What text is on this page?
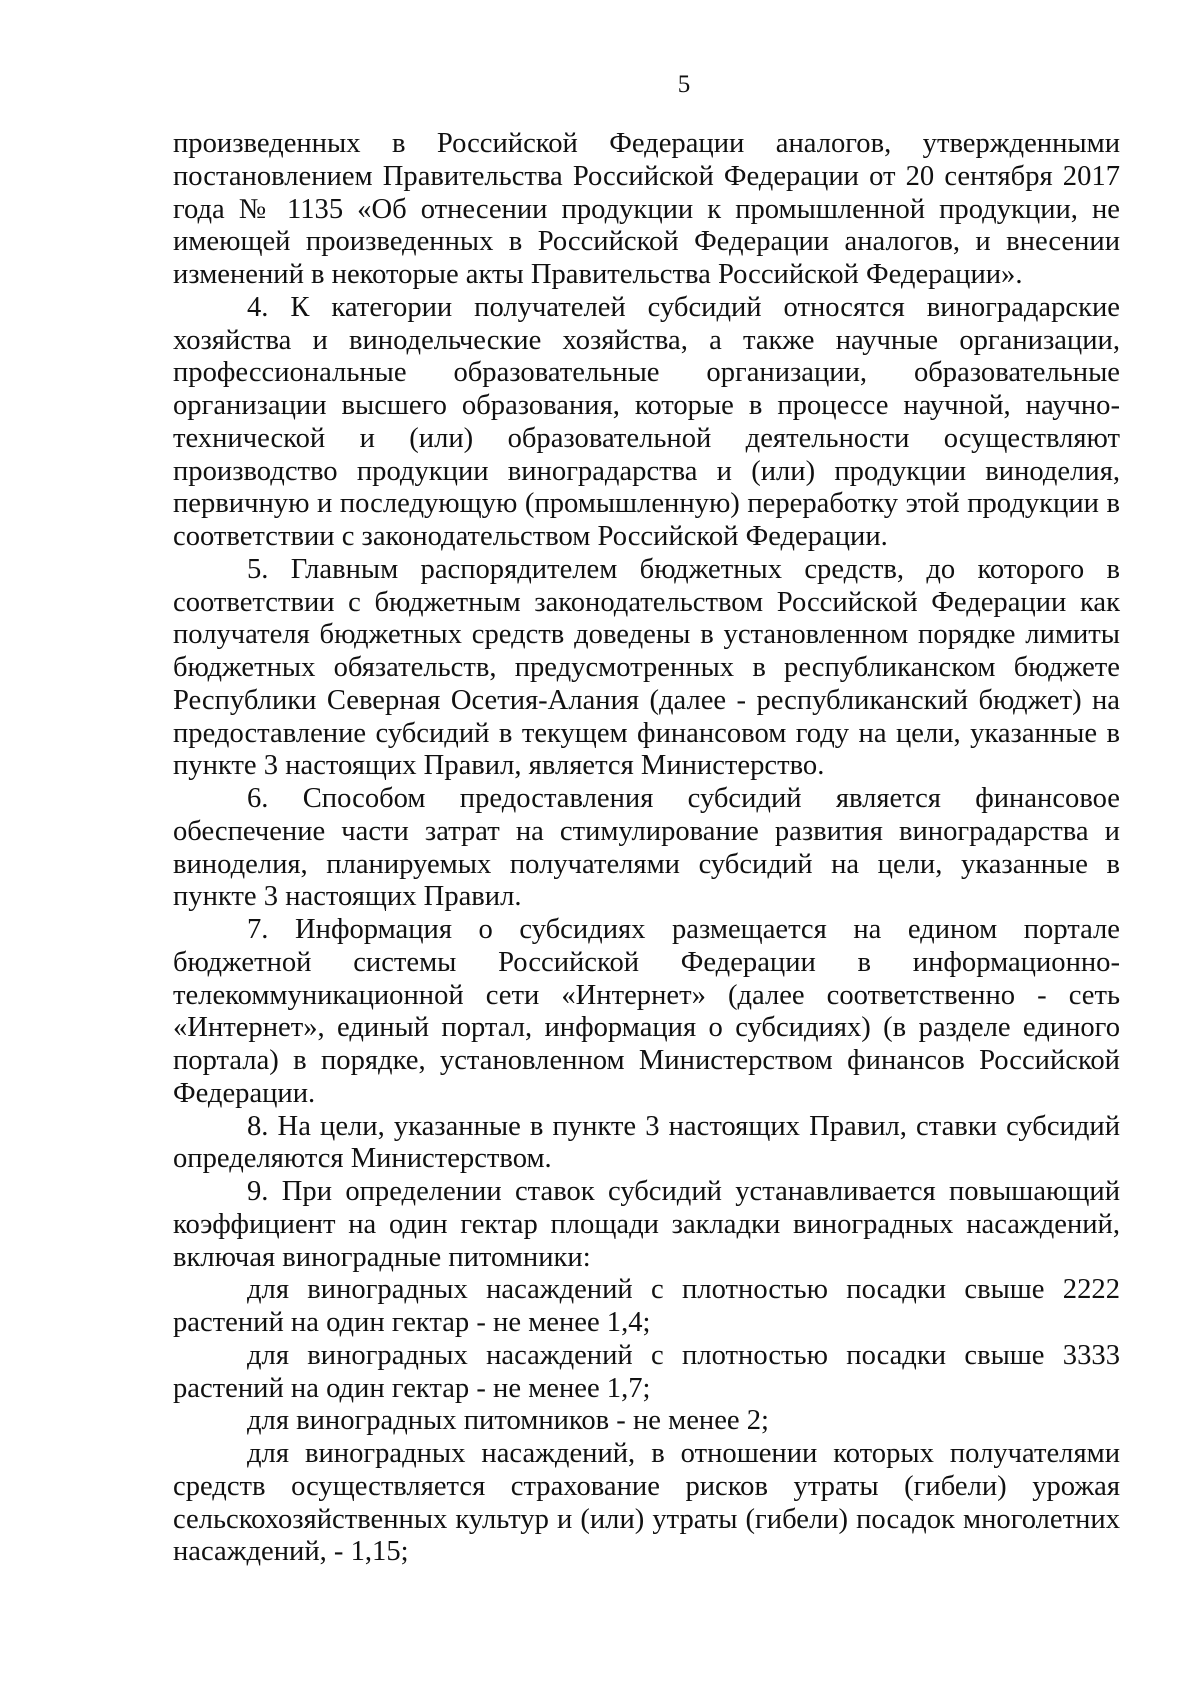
5

произведенных в Российской Федерации аналогов, утвержденными постановлением Правительства Российской Федерации от 20 сентября 2017 года № 1135 «Об отнесении продукции к промышленной продукции, не имеющей произведенных в Российской Федерации аналогов, и внесении изменений в некоторые акты Правительства Российской Федерации».

4. К категории получателей субсидий относятся виноградарские хозяйства и винодельческие хозяйства, а также научные организации, профессиональные образовательные организации, образовательные организации высшего образования, которые в процессе научной, научно-технической и (или) образовательной деятельности осуществляют производство продукции виноградарства и (или) продукции виноделия, первичную и последующую (промышленную) переработку этой продукции в соответствии с законодательством Российской Федерации.

5. Главным распорядителем бюджетных средств, до которого в соответствии с бюджетным законодательством Российской Федерации как получателя бюджетных средств доведены в установленном порядке лимиты бюджетных обязательств, предусмотренных в республиканском бюджете Республики Северная Осетия-Алания (далее - республиканский бюджет) на предоставление субсидий в текущем финансовом году на цели, указанные в пункте 3 настоящих Правил, является Министерство.

6. Способом предоставления субсидий является финансовое обеспечение части затрат на стимулирование развития виноградарства и виноделия, планируемых получателями субсидий на цели, указанные в пункте 3 настоящих Правил.

7. Информация о субсидиях размещается на едином портале бюджетной системы Российской Федерации в информационно-телекоммуникационной сети «Интернет» (далее соответственно - сеть «Интернет», единый портал, информация о субсидиях) (в разделе единого портала) в порядке, установленном Министерством финансов Российской Федерации.

8. На цели, указанные в пункте 3 настоящих Правил, ставки субсидий определяются Министерством.

9. При определении ставок субсидий устанавливается повышающий коэффициент на один гектар площади закладки виноградных насаждений, включая виноградные питомники:

для виноградных насаждений с плотностью посадки свыше 2222 растений на один гектар - не менее 1,4;

для виноградных насаждений с плотностью посадки свыше 3333 растений на один гектар - не менее 1,7;

для виноградных питомников - не менее 2;

для виноградных насаждений, в отношении которых получателями средств осуществляется страхование рисков утраты (гибели) урожая сельскохозяйственных культур и (или) утраты (гибели) посадок многолетних насаждений, - 1,15;
